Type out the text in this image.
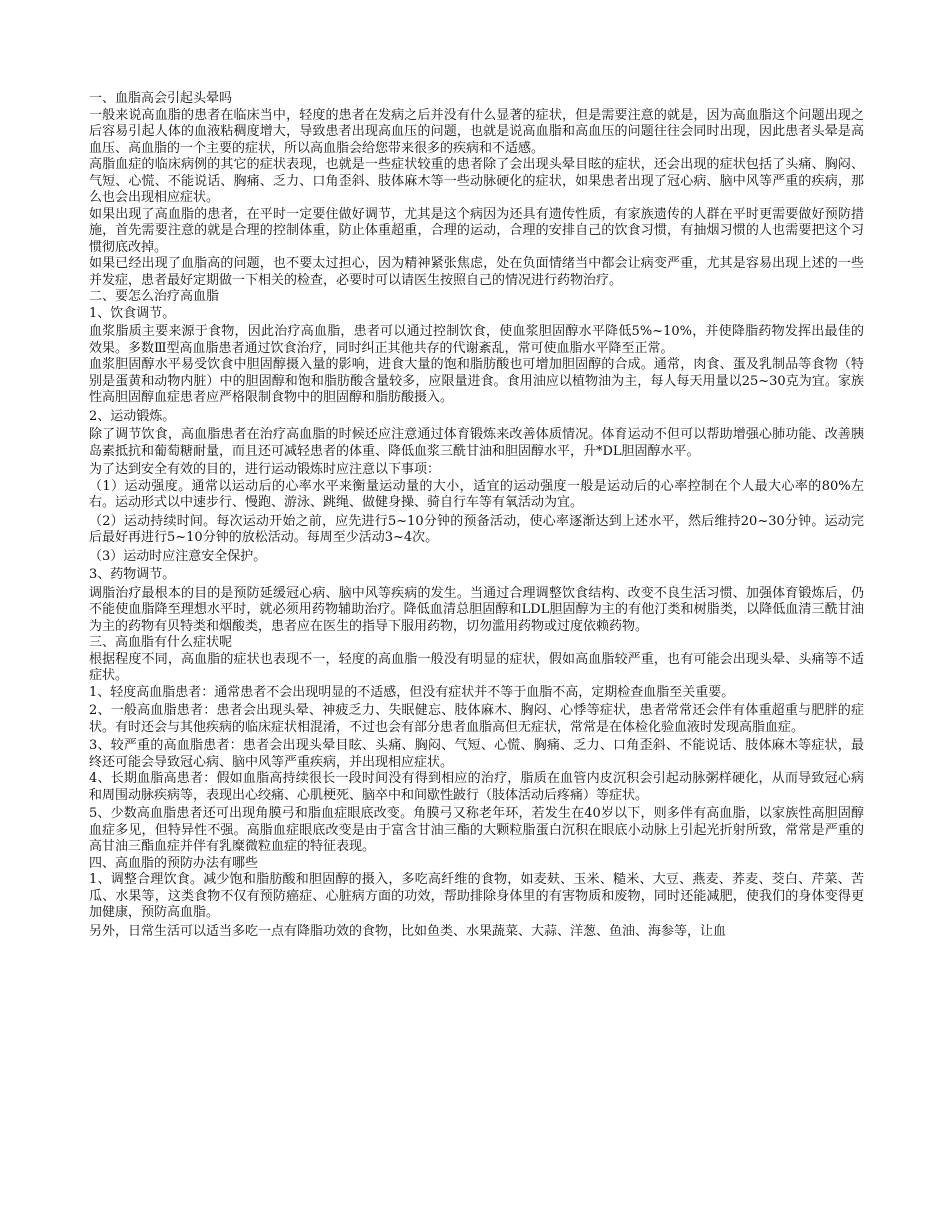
一、血脂高会引起头晕吗

一般来说高血脂的患者在临床当中，轻度的患者在发病之后并没有什么显著的症状，但是需要注意的就是，因为高血脂这个问题出现之后容易引起人体的血液粘稠度增大，导致患者出现高血压的问题，也就是说高血脂和高血压的问题往往会同时出现，因此患者头晕是高血压、高血脂的一个主要的症状，所以高血脂会给您带来很多的疾病和不适感。

高脂血症的临床病例的其它的症状表现，也就是一些症状较重的患者除了会出现头晕目眩的症状，还会出现的症状包括了头痛、胸闷、气短、心慌、不能说话、胸痛、乏力、口角歪斜、肢体麻木等一些动脉硬化的症状，如果患者出现了冠心病、脑中风等严重的疾病，那么也会出现相应症状。

如果出现了高血脂的患者，在平时一定要住做好调节，尤其是这个病因为还具有遗传性质，有家族遗传的人群在平时更需要做好预防措施，首先需要注意的就是合理的控制体重，防止体重超重，合理的运动，合理的安排自己的饮食习惯，有抽烟习惯的人也需要把这个习惯彻底改掉。

如果已经出现了血脂高的问题，也不要太过担心，因为精神紧张焦虑，处在负面情绪当中都会让病变严重，尤其是容易出现上述的一些并发症，患者最好定期做一下相关的检查，必要时可以请医生按照自己的情况进行药物治疗。

二、要怎么治疗高血脂

1、饮食调节。

血浆脂质主要来源于食物，因此治疗高血脂，患者可以通过控制饮食，使血浆胆固醇水平降低5%~10%，并使降脂药物发挥出最佳的效果。多数Ⅲ型高血脂患者通过饮食治疗，同时纠正其他共存的代谢紊乱，常可使血脂水平降至正常。

血浆胆固醇水平易受饮食中胆固醇摄入量的影响，进食大量的饱和脂肪酸也可增加胆固醇的合成。通常，肉食、蛋及乳制品等食物（特别是蛋黄和动物内脏）中的胆固醇和饱和脂肪酸含量较多，应限量进食。食用油应以植物油为主，每人每天用量以25~30克为宜。家族性高胆固醇血症患者应严格限制食物中的胆固醇和脂肪酸摄入。

2、运动锻炼。

除了调节饮食，高血脂患者在治疗高血脂的时候还应注意通过体育锻炼来改善体质情况。体育运动不但可以帮助增强心肺功能、改善胰岛素抵抗和葡萄糖耐量，而且还可减轻患者的体重、降低血浆三酰甘油和胆固醇水平，升*DL胆固醇水平。

为了达到安全有效的目的，进行运动锻炼时应注意以下事项：

（1）运动强度。通常以运动后的心率水平来衡量运动量的大小，适宜的运动强度一般是运动后的心率控制在个人最大心率的80%左右。运动形式以中速步行、慢跑、游泳、跳绳、做健身操、骑自行车等有氧活动为宜。

（2）运动持续时间。每次运动开始之前，应先进行5~10分钟的预备活动，使心率逐渐达到上述水平，然后维持20~30分钟。运动完后最好再进行5~10分钟的放松活动。每周至少活动3~4次。

（3）运动时应注意安全保护。

3、药物调节。

调脂治疗最根本的目的是预防延缓冠心病、脑中风等疾病的发生。当通过合理调整饮食结构、改变不良生活习惯、加强体育锻炼后，仍不能使血脂降至理想水平时，就必须用药物辅助治疗。降低血清总胆固醇和LDL胆固醇为主的有他汀类和树脂类，以降低血清三酰甘油为主的药物有贝特类和烟酸类，患者应在医生的指导下服用药物，切勿滥用药物或过度依赖药物。

三、高血脂有什么症状呢

根据程度不同，高血脂的症状也表现不一，轻度的高血脂一般没有明显的症状，假如高血脂较严重，也有可能会出现头晕、头痛等不适症状。

1、轻度高血脂患者：通常患者不会出现明显的不适感，但没有症状并不等于血脂不高，定期检查血脂至关重要。

2、一般高血脂患者：患者会出现头晕、神疲乏力、失眠健忘、肢体麻木、胸闷、心悸等症状，患者常常还会伴有体重超重与肥胖的症状。有时还会与其他疾病的临床症状相混淆，不过也会有部分患者血脂高但无症状，常常是在体检化验血液时发现高脂血症。

3、较严重的高血脂患者：患者会出现头晕目眩、头痛、胸闷、气短、心慌、胸痛、乏力、口角歪斜、不能说话、肢体麻木等症状，最终还可能会导致冠心病、脑中风等严重疾病，并出现相应症状。

4、长期血脂高患者：假如血脂高持续很长一段时间没有得到相应的治疗，脂质在血管内皮沉积会引起动脉粥样硬化，从而导致冠心病和周围动脉疾病等，表现出心绞痛、心肌梗死、脑卒中和间歇性跛行（肢体活动后疼痛）等症状。

5、少数高血脂患者还可出现角膜弓和脂血症眼底改变。角膜弓又称老年环，若发生在40岁以下，则多伴有高血脂，以家族性高胆固醇血症多见，但特异性不强。高脂血症眼底改变是由于富含甘油三酯的大颗粒脂蛋白沉积在眼底小动脉上引起光折射所致，常常是严重的高甘油三酯血症并伴有乳糜微粒血症的特征表现。

四、高血脂的预防办法有哪些

1、调整合理饮食。减少饱和脂肪酸和胆固醇的摄入，多吃高纤维的食物，如麦麸、玉米、糙米、大豆、燕麦、荞麦、茭白、芹菜、苦瓜、水果等，这类食物不仅有预防癌症、心脏病方面的功效，帮助排除身体里的有害物质和废物，同时还能减肥，使我们的身体变得更加健康，预防高血脂。

另外，日常生活可以适当多吃一点有降脂功效的食物，比如鱼类、水果蔬菜、大蒜、洋葱、鱼油、海参等，让血
